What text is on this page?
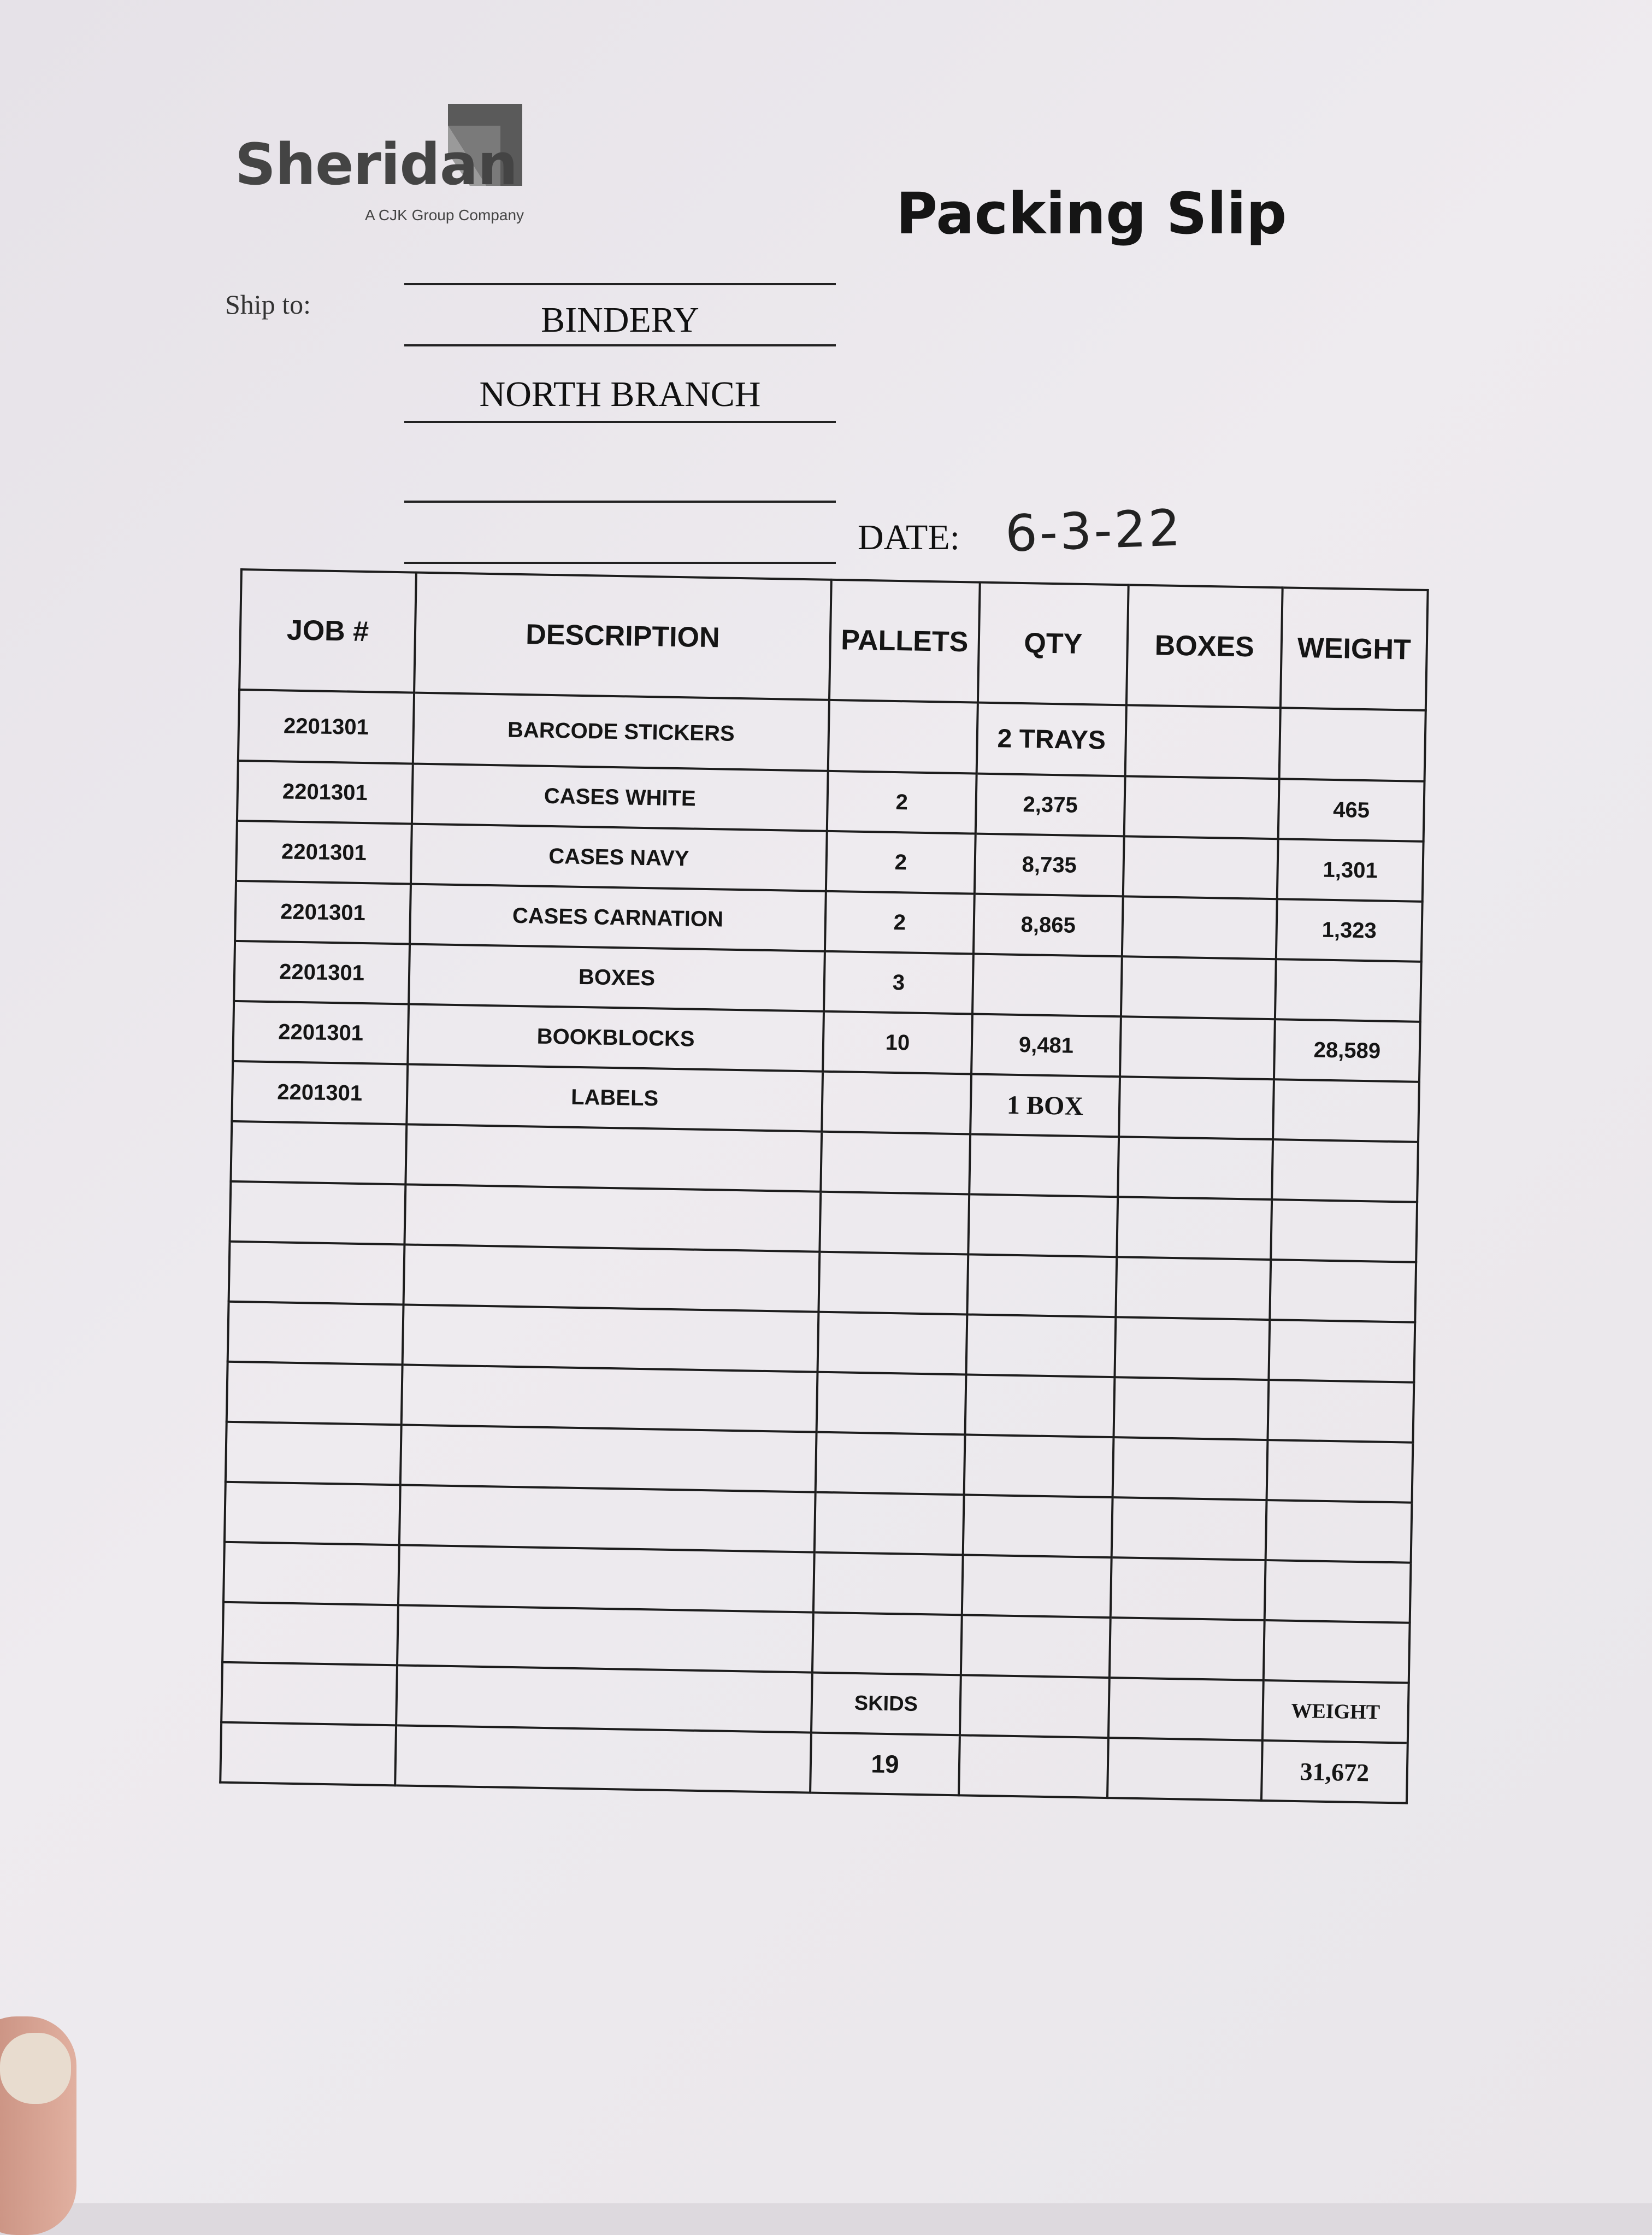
Sheridan
A CJK Group Company	Packing Slip
Ship to:	BINDERY
NORTH BRANCH
DATE: 6-3-22
JOB #	DESCRIPTION	PALLETS	QTY	BOXES	WEIGHT
2201301	BARCODE STICKERS		2 TRAYS		
2201301	CASES WHITE	2	2,375		465
2201301	CASES NAVY	2	8,735		1,301
2201301	CASES CARNATION	2	8,865		1,323
2201301	BOXES	3			
2201301	BOOKBLOCKS	10	9,481		28,589
2201301	LABELS		1 BOX		

		SKIDS			WEIGHT
		19			31,672
